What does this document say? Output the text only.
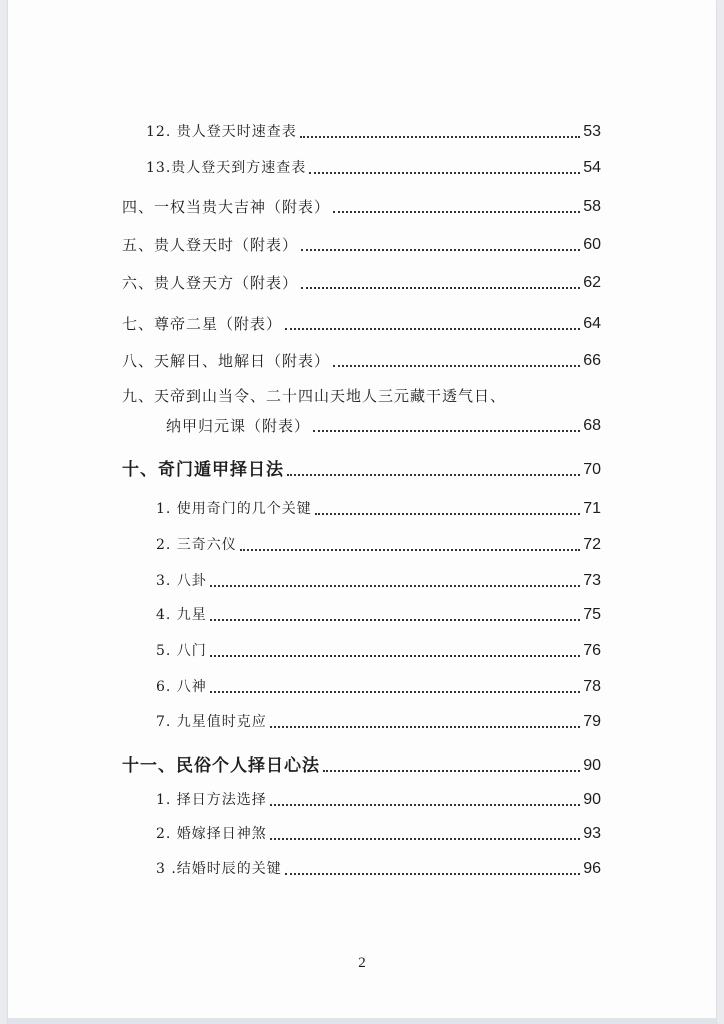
12. 贵人登天时速查表	53
13.贵人登天到方速查表	54
四、一权当贵大吉神（附表）	58
五、贵人登天时（附表）	60
六、贵人登天方（附表）	62
七、尊帝二星（附表）	64
八、天解日、地解日（附表）	66
九、天帝到山当令、二十四山天地人三元藏干透气日、
纳甲归元课（附表）	68
十、奇门遁甲择日法	70
1. 使用奇门的几个关键	71
2. 三奇六仪	72
3. 八卦	73
4. 九星	75
5. 八门	76
6. 八神	78
7. 九星值时克应	79
十一、民俗个人择日心法	90
1. 择日方法选择	90
2. 婚嫁择日神煞	93
3 .结婚时辰的关键	96
2
